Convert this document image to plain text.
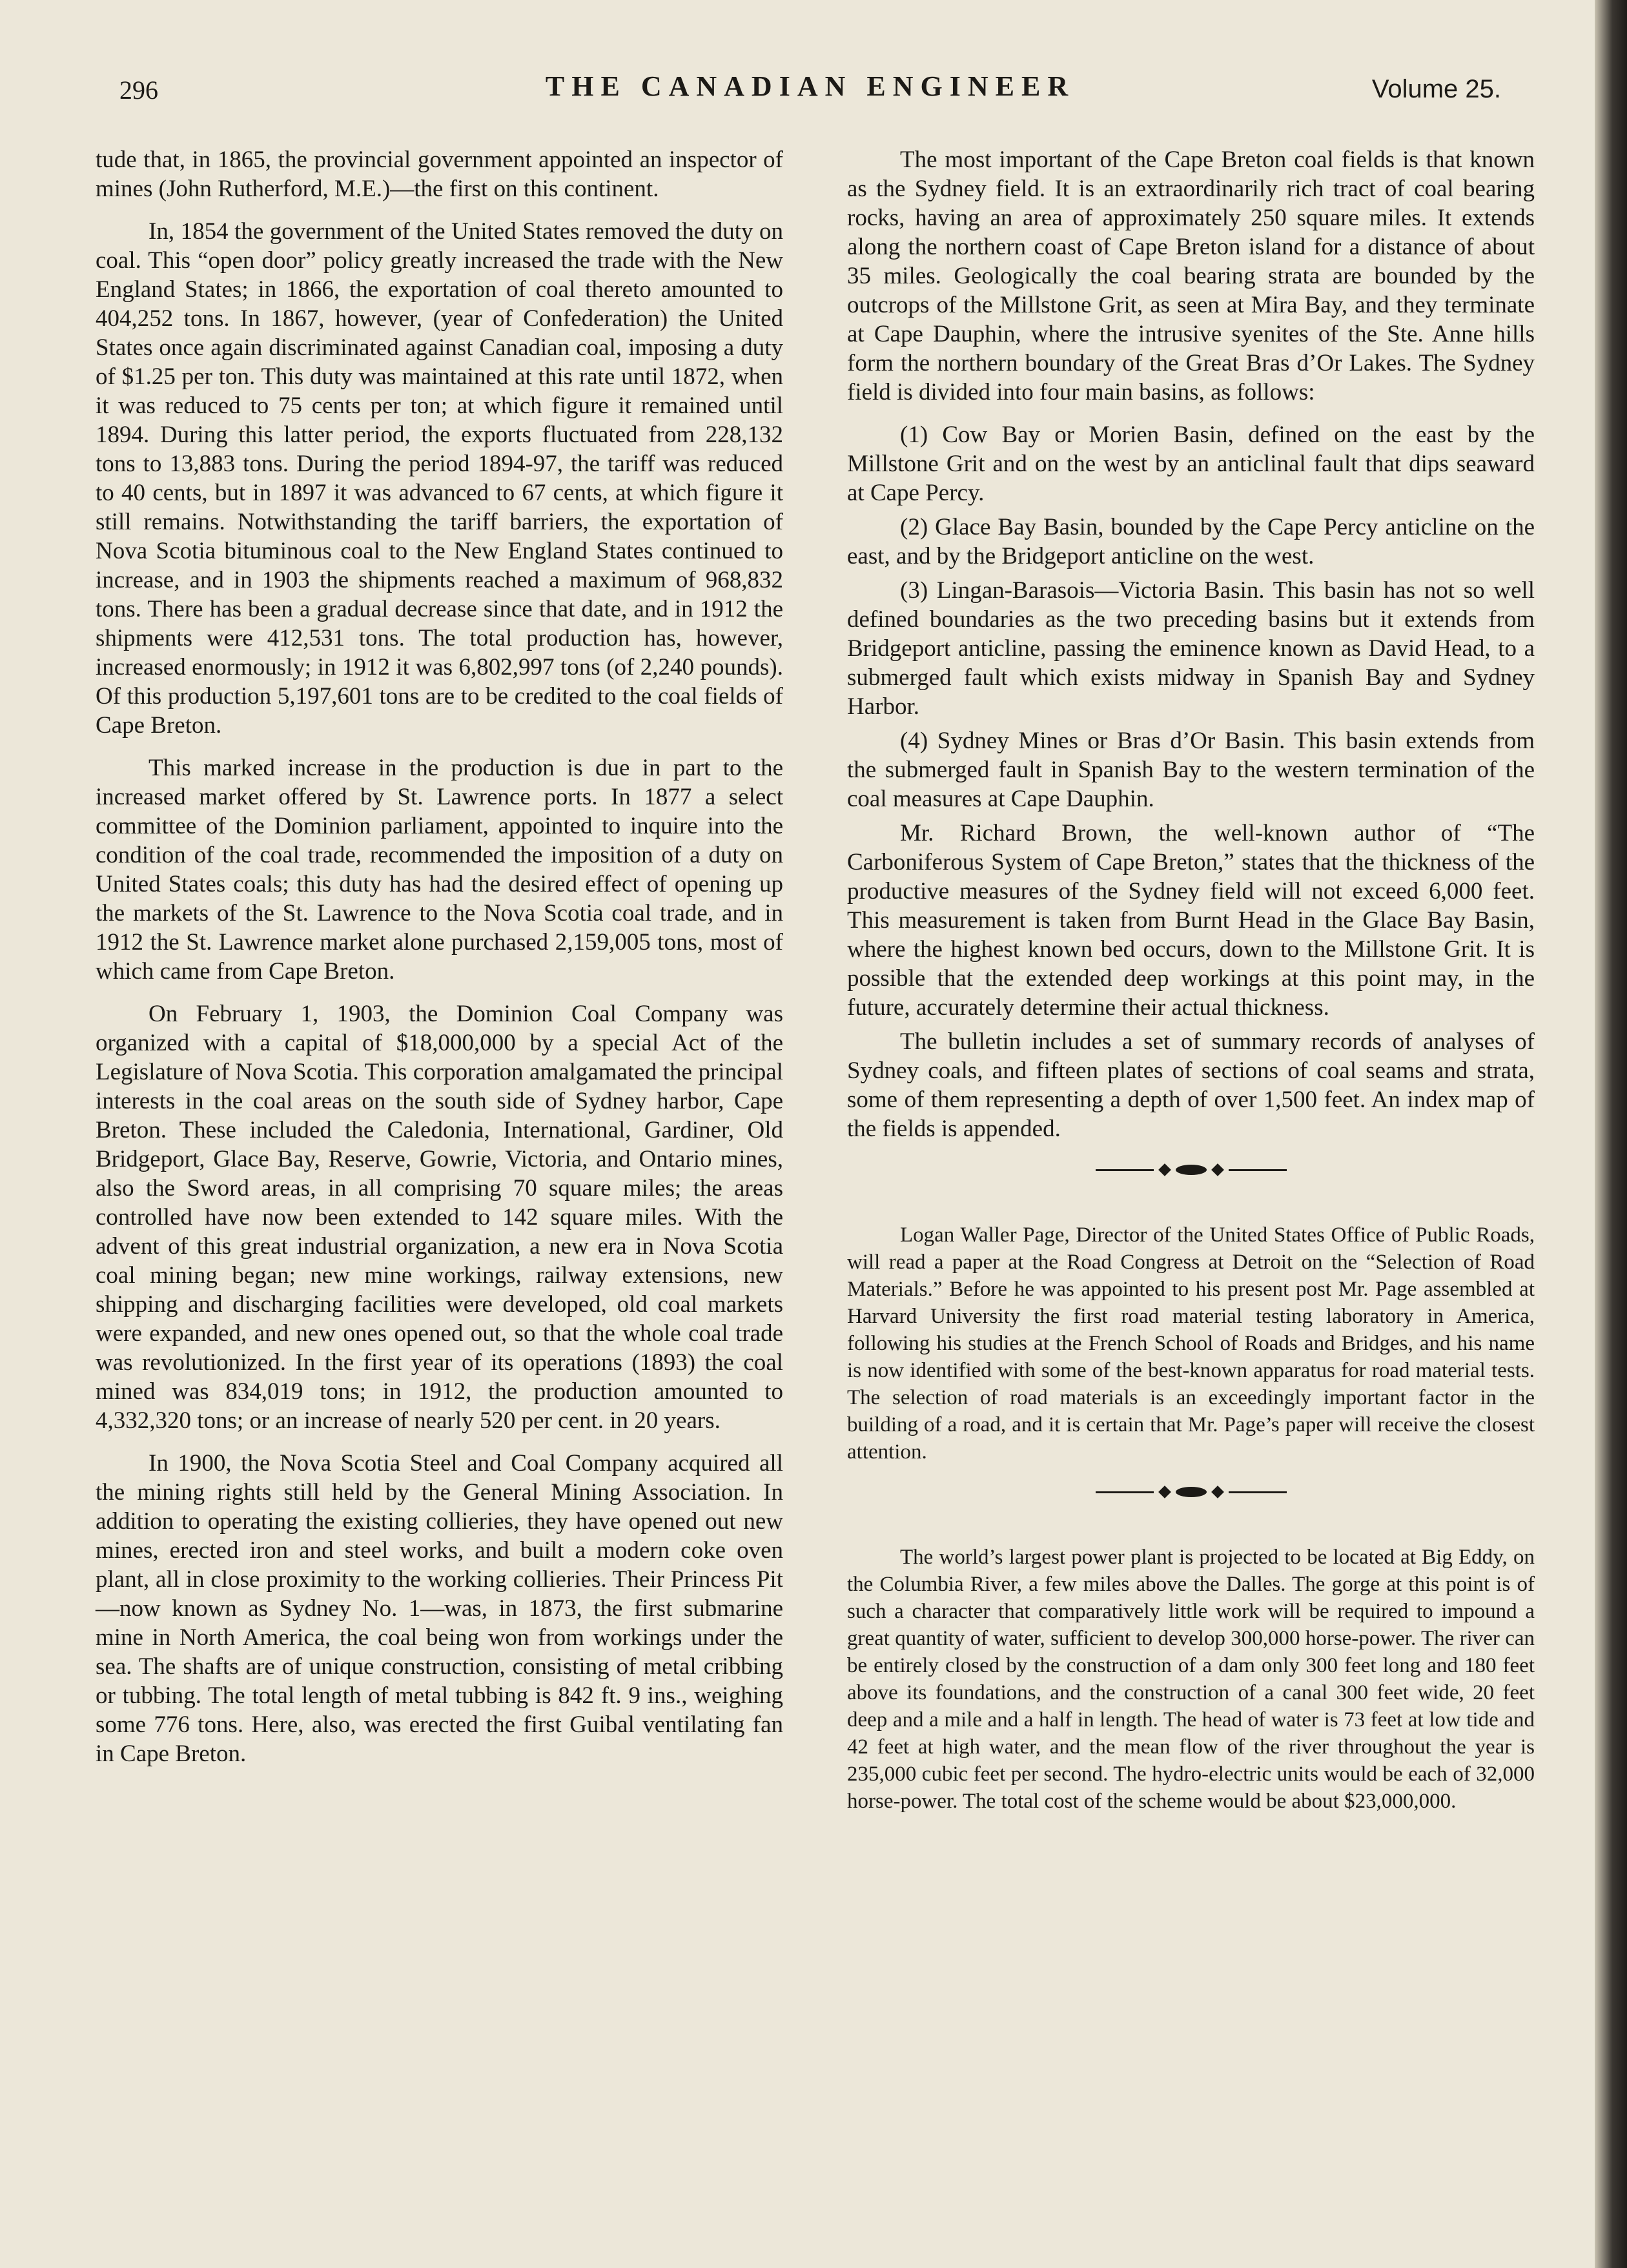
296	THE CANADIAN ENGINEER	Volume 25.

tude that, in 1865, the provincial government appointed an inspector of mines (John Rutherford, M.E.)—the first on this continent.

In, 1854 the government of the United States removed the duty on coal. This “open door” policy greatly increased the trade with the New England States; in 1866, the exportation of coal thereto amounted to 404,252 tons. In 1867, however, (year of Confederation) the United States once again discriminated against Canadian coal, imposing a duty of $1.25 per ton. This duty was maintained at this rate until 1872, when it was reduced to 75 cents per ton; at which figure it remained until 1894. During this latter period, the exports fluctuated from 228,132 tons to 13,883 tons. During the period 1894-97, the tariff was reduced to 40 cents, but in 1897 it was advanced to 67 cents, at which figure it still remains. Notwithstanding the tariff barriers, the exportation of Nova Scotia bituminous coal to the New England States continued to increase, and in 1903 the shipments reached a maximum of 968,832 tons. There has been a gradual decrease since that date, and in 1912 the shipments were 412,531 tons. The total production has, however, increased enormously; in 1912 it was 6,802,997 tons (of 2,240 pounds). Of this production 5,197,601 tons are to be credited to the coal fields of Cape Breton.

This marked increase in the production is due in part to the increased market offered by St. Lawrence ports. In 1877 a select committee of the Dominion parliament, appointed to inquire into the condition of the coal trade, recommended the imposition of a duty on United States coals; this duty has had the desired effect of opening up the markets of the St. Lawrence to the Nova Scotia coal trade, and in 1912 the St. Lawrence market alone purchased 2,159,005 tons, most of which came from Cape Breton.

On February 1, 1903, the Dominion Coal Company was organized with a capital of $18,000,000 by a special Act of the Legislature of Nova Scotia. This corporation amalgamated the principal interests in the coal areas on the south side of Sydney harbor, Cape Breton. These included the Caledonia, International, Gardiner, Old Bridgeport, Glace Bay, Reserve, Gowrie, Victoria, and Ontario mines, also the Sword areas, in all comprising 70 square miles; the areas controlled have now been extended to 142 square miles. With the advent of this great industrial organization, a new era in Nova Scotia coal mining began; new mine workings, railway extensions, new shipping and discharging facilities were developed, old coal markets were expanded, and new ones opened out, so that the whole coal trade was revolutionized. In the first year of its operations (1893) the coal mined was 834,019 tons; in 1912, the production amounted to 4,332,320 tons; or an increase of nearly 520 per cent. in 20 years.

In 1900, the Nova Scotia Steel and Coal Company acquired all the mining rights still held by the General Mining Association. In addition to operating the existing collieries, they have opened out new mines, erected iron and steel works, and built a modern coke oven plant, all in close proximity to the working collieries. Their Princess Pit—now known as Sydney No. 1—was, in 1873, the first submarine mine in North America, the coal being won from workings under the sea. The shafts are of unique construction, consisting of metal cribbing or tubbing. The total length of metal tubbing is 842 ft. 9 ins., weighing some 776 tons. Here, also, was erected the first Guibal ventilating fan in Cape Breton.

The most important of the Cape Breton coal fields is that known as the Sydney field. It is an extraordinarily rich tract of coal bearing rocks, having an area of approximately 250 square miles. It extends along the northern coast of Cape Breton island for a distance of about 35 miles. Geologically the coal bearing strata are bounded by the outcrops of the Millstone Grit, as seen at Mira Bay, and they terminate at Cape Dauphin, where the intrusive syenites of the Ste. Anne hills form the northern boundary of the Great Bras d’Or Lakes. The Sydney field is divided into four main basins, as follows:

(1) Cow Bay or Morien Basin, defined on the east by the Millstone Grit and on the west by an anticlinal fault that dips seaward at Cape Percy.

(2) Glace Bay Basin, bounded by the Cape Percy anticline on the east, and by the Bridgeport anticline on the west.

(3) Lingan-Barasois—Victoria Basin. This basin has not so well defined boundaries as the two preceding basins but it extends from Bridgeport anticline, passing the eminence known as David Head, to a submerged fault which exists midway in Spanish Bay and Sydney Harbor.

(4) Sydney Mines or Bras d’Or Basin. This basin extends from the submerged fault in Spanish Bay to the western termination of the coal measures at Cape Dauphin.

Mr. Richard Brown, the well-known author of “The Carboniferous System of Cape Breton,” states that the thickness of the productive measures of the Sydney field will not exceed 6,000 feet. This measurement is taken from Burnt Head in the Glace Bay Basin, where the highest known bed occurs, down to the Millstone Grit. It is possible that the extended deep workings at this point may, in the future, accurately determine their actual thickness.

The bulletin includes a set of summary records of analyses of Sydney coals, and fifteen plates of sections of coal seams and strata, some of them representing a depth of over 1,500 feet. An index map of the fields is appended.

Logan Waller Page, Director of the United States Office of Public Roads, will read a paper at the Road Congress at Detroit on the “Selection of Road Materials.” Before he was appointed to his present post Mr. Page assembled at Harvard University the first road material testing laboratory in America, following his studies at the French School of Roads and Bridges, and his name is now identified with some of the best-known apparatus for road material tests. The selection of road materials is an exceedingly important factor in the building of a road, and it is certain that Mr. Page’s paper will receive the closest attention.

The world’s largest power plant is projected to be located at Big Eddy, on the Columbia River, a few miles above the Dalles. The gorge at this point is of such a character that comparatively little work will be required to impound a great quantity of water, sufficient to develop 300,000 horse-power. The river can be entirely closed by the construction of a dam only 300 feet long and 180 feet above its foundations, and the construction of a canal 300 feet wide, 20 feet deep and a mile and a half in length. The head of water is 73 feet at low tide and 42 feet at high water, and the mean flow of the river throughout the year is 235,000 cubic feet per second. The hydro-electric units would be each of 32,000 horse-power. The total cost of the scheme would be about $23,000,000.
